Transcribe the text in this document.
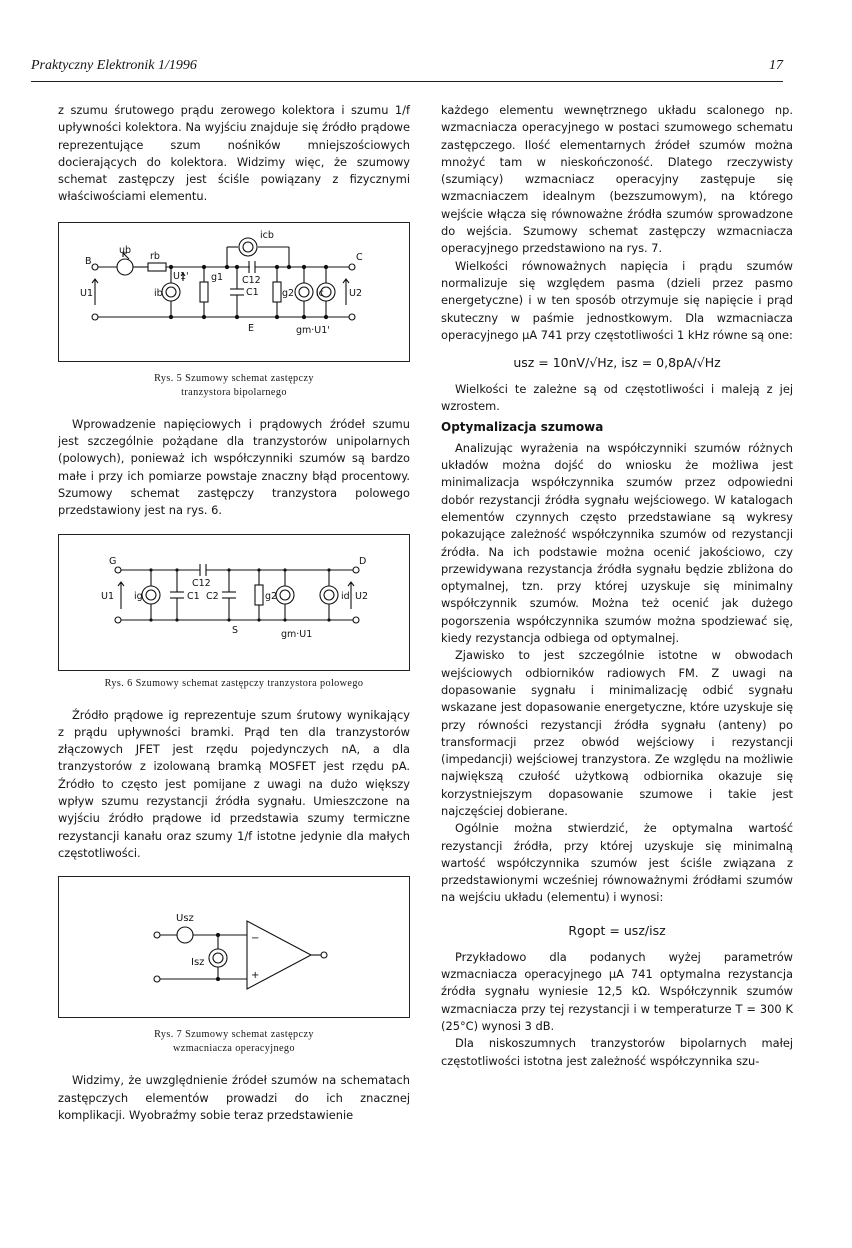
Praktyczny Elektronik 1/1996	17

z szumu śrutowego prądu zerowego kolektora i szumu 1/f upływności kolektora. Na wyjściu znajduje się źródło prądowe reprezentujące szum nośników mniejszościowych docierających do kolektora. Widzimy więc, że szumowy schemat zastępczy jest ściśle powiązany z fizycznymi właściwościami elementu.

B
ub
rb
icb
U1' g1 C12
C1 g2 ic
C
U1	U2
ib
E	gm·U1'
Rys. 5 Szumowy schemat zastępczy
tranzystora bipolarnego

Wprowadzenie napięciowych i prądowych źródeł szumu jest szczególnie pożądane dla tranzystorów unipolarnych (polowych), ponieważ ich współczynniki szumów są bardzo małe i przy ich pomiarze powstaje znaczny błąd procentowy. Szumowy schemat zastępczy tranzystora polowego przedstawiony jest na rys. 6.

G	D
C12
U1 ig	C1 C2	g2	id U2
S	gm·U1
Rys. 6 Szumowy schemat zastępczy tranzystora polowego

Źródło prądowe ig reprezentuje szum śrutowy wynikający z prądu upływności bramki. Prąd ten dla tranzystorów złączowych JFET jest rzędu pojedynczych nA, a dla tranzystorów z izolowaną bramką MOSFET jest rzędu pA. Źródło to często jest pomijane z uwagi na dużo większy wpływ szumu rezystancji źródła sygnału. Umieszczone na wyjściu źródło prądowe id przedstawia szumy termiczne rezystancji kanału oraz szumy 1/f istotne jedynie dla małych częstotliwości.

Usz
Isz
−
+
Rys. 7 Szumowy schemat zastępczy
wzmacniacza operacyjnego

Widzimy, że uwzględnienie źródeł szumów na schematach zastępczych elementów prowadzi do ich znacznej komplikacji. Wyobraźmy sobie teraz przedstawienie

każdego elementu wewnętrznego układu scalonego np. wzmacniacza operacyjnego w postaci szumowego schematu zastępczego. Ilość elementarnych źródeł szumów można mnożyć tam w nieskończoność. Dlatego rzeczywisty (szumiący) wzmacniacz operacyjny zastępuje się wzmacniaczem idealnym (bezszumowym), na którego wejście włącza się równoważne źródła szumów sprowadzone do wejścia. Szumowy schemat zastępczy wzmacniacza operacyjnego przedstawiono na rys. 7.

Wielkości równoważnych napięcia i prądu szumów normalizuje się względem pasma (dzieli przez pasmo energetyczne) i w ten sposób otrzymuje się napięcie i prąd skuteczny w paśmie jednostkowym. Dla wzmacniacza operacyjnego µA 741 przy częstotliwości 1 kHz równe są one:

usz = 10nV/√Hz, isz = 0,8pA/√Hz

Wielkości te zależne są od częstotliwości i maleją z jej wzrostem.

Optymalizacja szumowa

Analizując wyrażenia na współczynniki szumów różnych układów można dojść do wniosku że możliwa jest minimalizacja współczynnika szumów przez odpowiedni dobór rezystancji źródła sygnału wejściowego. W katalogach elementów czynnych często przedstawiane są wykresy pokazujące zależność współczynnika szumów od rezystancji źródła. Na ich podstawie można ocenić jakościowo, czy przewidywana rezystancja źródła sygnału będzie zbliżona do optymalnej, tzn. przy której uzyskuje się minimalny współczynnik szumów. Można też ocenić jak dużego pogorszenia współczynnika szumów można spodziewać się, kiedy rezystancja odbiega od optymalnej.

Zjawisko to jest szczególnie istotne w obwodach wejściowych odbiorników radiowych FM. Z uwagi na dopasowanie sygnału i minimalizację odbić sygnału wskazane jest dopasowanie energetyczne, które uzyskuje się przy równości rezystancji źródła sygnału (anteny) po transformacji przez obwód wejściowy i rezystancji (impedancji) wejściowej tranzystora. Ze względu na możliwie największą czułość użytkową odbiornika okazuje się korzystniejszym dopasowanie szumowe i takie jest najczęściej dobierane.

Ogólnie można stwierdzić, że optymalna wartość rezystancji źródła, przy której uzyskuje się minimalną wartość współczynnika szumów jest ściśle związana z przedstawionymi wcześniej równoważnymi źródłami szumów na wejściu układu (elementu) i wynosi:

Rgopt = usz/isz

Przykładowo dla podanych wyżej parametrów wzmacniacza operacyjnego µA 741 optymalna rezystancja źródła sygnału wyniesie 12,5 kΩ. Współczynnik szumów wzmacniacza przy tej rezystancji i w temperaturze T = 300 K (25°C) wynosi 3 dB.

Dla niskoszumnych tranzystorów bipolarnych małej częstotliwości istotna jest zależność współczynnika szu-
